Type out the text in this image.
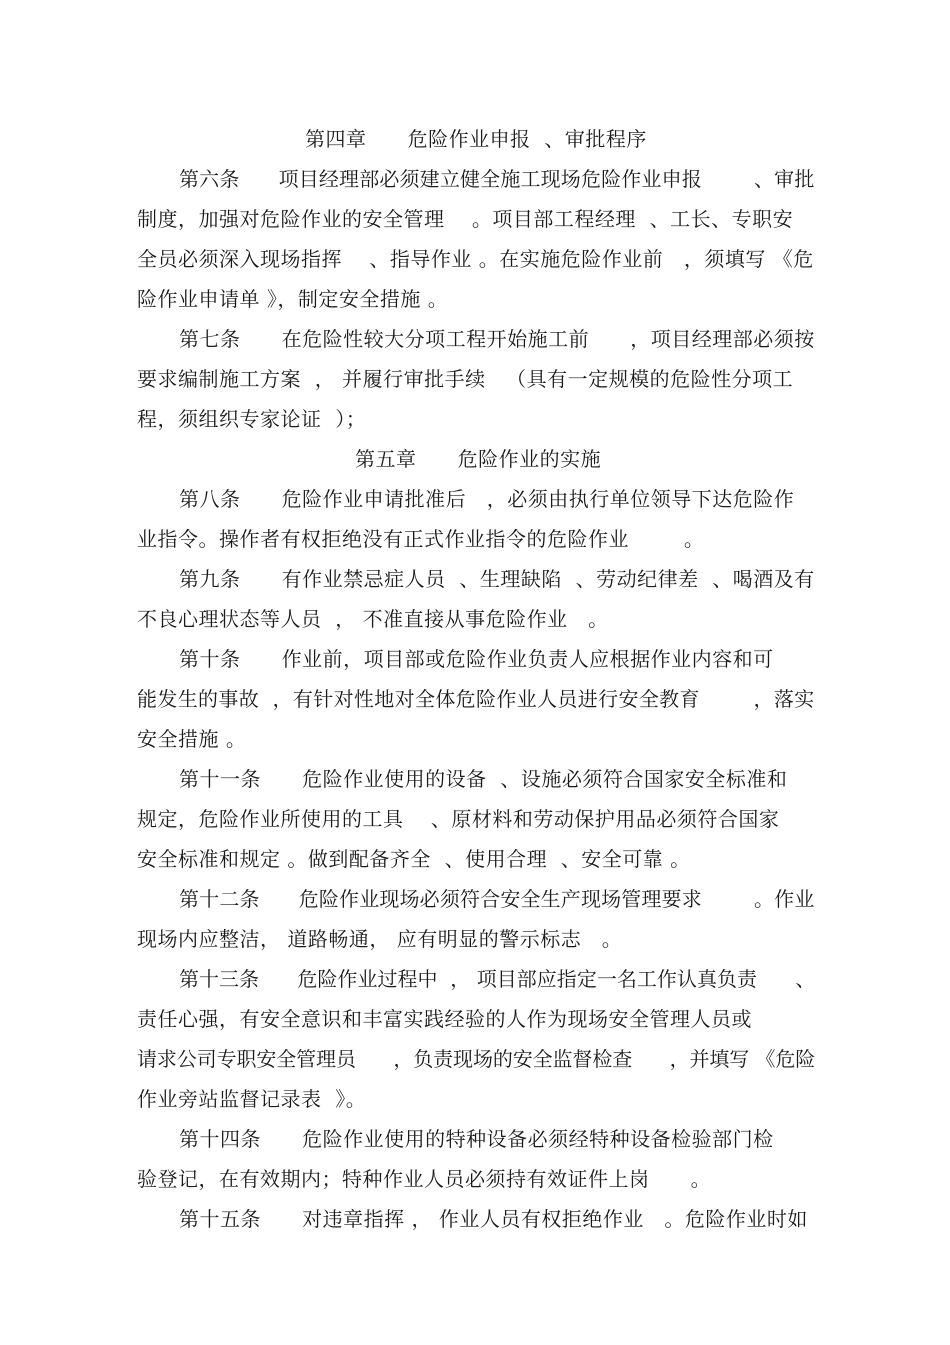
第四章      危险作业申报  、审批程序

第六条      项目经理部必须建立健全施工现场危险作业申报        、审批

制度，加强对危险作业的安全管理    。项目部工程经理  、工长、专职安

全员必须深入现场指挥    、指导作业 。在实施危险作业前   ，须填写 《危

险作业申请单 》，制定安全措施 。

第七条      在危险性较大分项工程开始施工前      ，项目经理部必须按

要求编制施工方案  ， 并履行审批手续   （具有一定规模的危险性分项工

程，须组织专家论证  ）；

第五章      危险作业的实施

第八条      危险作业申请批准后   ，必须由执行单位领导下达危险作

业指令。操作者有权拒绝没有正式作业指令的危险作业        。

第九条      有作业禁忌症人员  、生理缺陷  、劳动纪律差  、喝酒及有

不良心理状态等人员  ， 不准直接从事危险作业   。

第十条      作业前，项目部或危险作业负责人应根据作业内容和可

能发生的事故  ，有针对性地对全体危险作业人员进行安全教育        ，落实

安全措施 。

第十一条      危险作业使用的设备  、设施必须符合国家安全标准和

规定，危险作业所使用的工具    、原材料和劳动保护用品必须符合国家

安全标准和规定 。做到配备齐全  、使用合理  、安全可靠 。

第十二条      危险作业现场必须符合安全生产现场管理要求        。作业

现场内应整洁， 道路畅通， 应有明显的警示标志   。

第十三条      危险作业过程中  ， 项目部应指定一名工作认真负责      、

责任心强，有安全意识和丰富实践经验的人作为现场安全管理人员或

请求公司专职安全管理员      ，负责现场的安全监督检查      ，并填写 《危险

作业旁站监督记录表  》。

第十四条      危险作业使用的特种设备必须经特种设备检验部门检

验登记，在有效期内；特种作业人员必须持有效证件上岗      。

第十五条      对违章指挥 ， 作业人员有权拒绝作业   。危险作业时如
